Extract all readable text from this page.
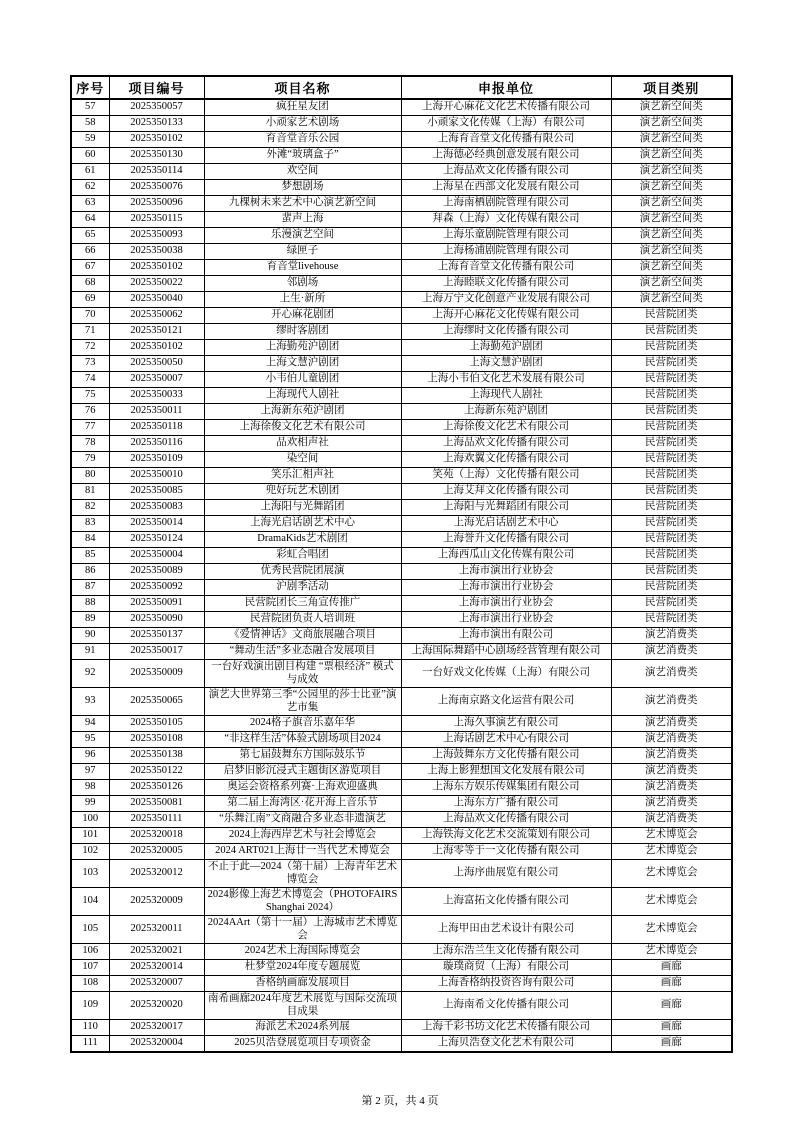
序号	项目编号	项目名称	申报单位	项目类别
57	2025350057	疯狂星友团	上海开心麻花文化艺术传播有限公司	演艺新空间类
58	2025350133	小顽家艺术剧场	小顽家文化传媒（上海）有限公司	演艺新空间类
59	2025350102	育音堂音乐公园	上海育音堂文化传播有限公司	演艺新空间类
60	2025350130	外滩“玻璃盒子”	上海德必经典创意发展有限公司	演艺新空间类
61	2025350114	欢空间	上海品欢文化传播有限公司	演艺新空间类
62	2025350076	梦想剧场	上海星在西部文化发展有限公司	演艺新空间类
63	2025350096	九棵树未来艺术中心演艺新空间	上海南栖剧院管理有限公司	演艺新空间类
64	2025350115	蜚声上海	拜森（上海）文化传媒有限公司	演艺新空间类
65	2025350093	乐漫演艺空间	上海乐童剧院管理有限公司	演艺新空间类
66	2025350038	绿匣子	上海杨浦剧院管理有限公司	演艺新空间类
67	2025350102	育音堂livehouse	上海育音堂文化传播有限公司	演艺新空间类
68	2025350022	邻剧场	上海睦联文化传播有限公司	演艺新空间类
69	2025350040	上生·新所	上海万宁文化创意产业发展有限公司	演艺新空间类
70	2025350062	开心麻花剧团	上海开心麻花文化传媒有限公司	民营院团类
71	2025350121	缪时客剧团	上海缪时文化传播有限公司	民营院团类
72	2025350102	上海勤苑沪剧团	上海勤苑沪剧团	民营院团类
73	2025350050	上海文慧沪剧团	上海文慧沪剧团	民营院团类
74	2025350007	小韦伯儿童剧团	上海小韦伯文化艺术发展有限公司	民营院团类
75	2025350033	上海现代人剧社	上海现代人剧社	民营院团类
76	2025350011	上海新东苑沪剧团	上海新东苑沪剧团	民营院团类
77	2025350118	上海徐俊文化艺术有限公司	上海徐俊文化艺术有限公司	民营院团类
78	2025350116	品欢相声社	上海品欢文化传播有限公司	民营院团类
79	2025350109	染空间	上海欢翼文化传播有限公司	民营院团类
80	2025350010	笑乐汇相声社	笑苑（上海）文化传播有限公司	民营院团类
81	2025350085	兜好玩艺术剧团	上海艾拜文化传播有限公司	民营院团类
82	2025350083	上海阳与光舞蹈团	上海阳与光舞蹈团有限公司	民营院团类
83	2025350014	上海光启话剧艺术中心	上海光启话剧艺术中心	民营院团类
84	2025350124	DramaKids艺术剧团	上海誉升文化传播有限公司	民营院团类
85	2025350004	彩虹合唱团	上海西瓜山文化传媒有限公司	民营院团类
86	2025350089	优秀民营院团展演	上海市演出行业协会	民营院团类
87	2025350092	沪剧季活动	上海市演出行业协会	民营院团类
88	2025350091	民营院团长三角宣传推广	上海市演出行业协会	民营院团类
89	2025350090	民营院团负责人培训班	上海市演出行业协会	民营院团类
90	2025350137	《爱情神话》文商旅展融合项目	上海市演出有限公司	演艺消费类
91	2025350017	“舞动生活”多业态融合发展项目	上海国际舞蹈中心剧场经营管理有限公司	演艺消费类
92	2025350009	一台好戏演出剧目构建 “票根经济” 模式与成效	一台好戏文化传媒（上海）有限公司	演艺消费类
93	2025350065	演艺大世界第三季“公园里的莎士比亚”演艺市集	上海南京路文化运营有限公司	演艺消费类
94	2025350105	2024格子旗音乐嘉年华	上海久事演艺有限公司	演艺消费类
95	2025350108	“非这样生活”体验式剧场项目2024	上海话剧艺术中心有限公司	演艺消费类
96	2025350138	第七届鼓舞东方国际鼓乐节	上海鼓舞东方文化传播有限公司	演艺消费类
97	2025350122	启梦旧影沉浸式主题街区游览项目	上海上影狸想国文化发展有限公司	演艺消费类
98	2025350126	奥运会资格系列赛·上海欢迎盛典	上海东方娱乐传媒集团有限公司	演艺消费类
99	2025350081	第二届上海湾区·花开海上音乐节	上海东方广播有限公司	演艺消费类
100	2025350111	“乐舞江南”文商融合多业态非遗演艺	上海品欢文化传播有限公司	演艺消费类
101	2025320018	2024上海西岸艺术与社会博览会	上海铁海文化艺术交流策划有限公司	艺术博览会
102	2025320005	2024 ART021上海廿一当代艺术博览会	上海零等于一文化传播有限公司	艺术博览会
103	2025320012	不止于此—2024（第十届）上海青年艺术博览会	上海序曲展览有限公司	艺术博览会
104	2025320009	2024影像上海艺术博览会（PHOTOFAIRS Shanghai 2024）	上海富拓文化传播有限公司	艺术博览会
105	2025320011	2024AArt（第十一届）上海城市艺术博览会	上海甲田由艺术设计有限公司	艺术博览会
106	2025320021	2024艺术上海国际博览会	上海东浩兰生文化传播有限公司	艺术博览会
107	2025320014	杜梦堂2024年度专题展览	璇璞商贸（上海）有限公司	画廊
108	2025320007	香格纳画廊发展项目	上海香格纳投资咨询有限公司	画廊
109	2025320020	南希画廊2024年度艺术展览与国际交流项目成果	上海南希文化传播有限公司	画廊
110	2025320017	海派艺术2024系列展	上海千彩书坊文化艺术传播有限公司	画廊
111	2025320004	2025贝浩登展览项目专项资金	上海贝浩登文化艺术有限公司	画廊
第 2 页，共 4 页
